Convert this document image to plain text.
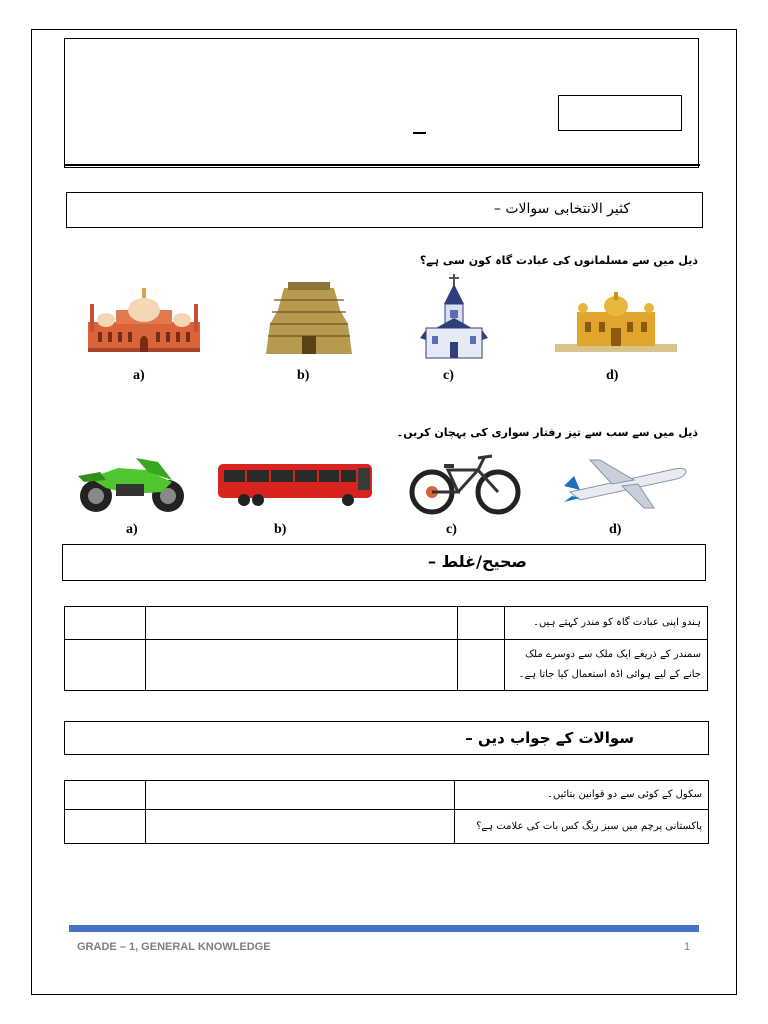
کثیر الانتخابی سوالات –
ذیل میں سے مسلمانوں کی عبادت گاہ کون سی ہے؟
a)	b)	c)	d)
ذیل میں سے سب سے تیز رفتار سواری کی پہچان کریں۔
a)	b)	c)	d)
صحیح/غلط –

			ہندو اپنی عبادت گاہ کو مندر کہتے ہیں۔

			سمندر کے ذریعے ایک ملک سے دوسرے ملک جانے کے لیے ہوائی اڈہ استعمال کیا جاتا ہے۔
سوالات کے جواب دیں –

		سکول کے کوئی سے دو قوانین بتائیں۔

		پاکستانی پرچم میں سبز رنگ کس بات کی علامت ہے؟
GRADE – 1, GENERAL KNOWLEDGE	1
